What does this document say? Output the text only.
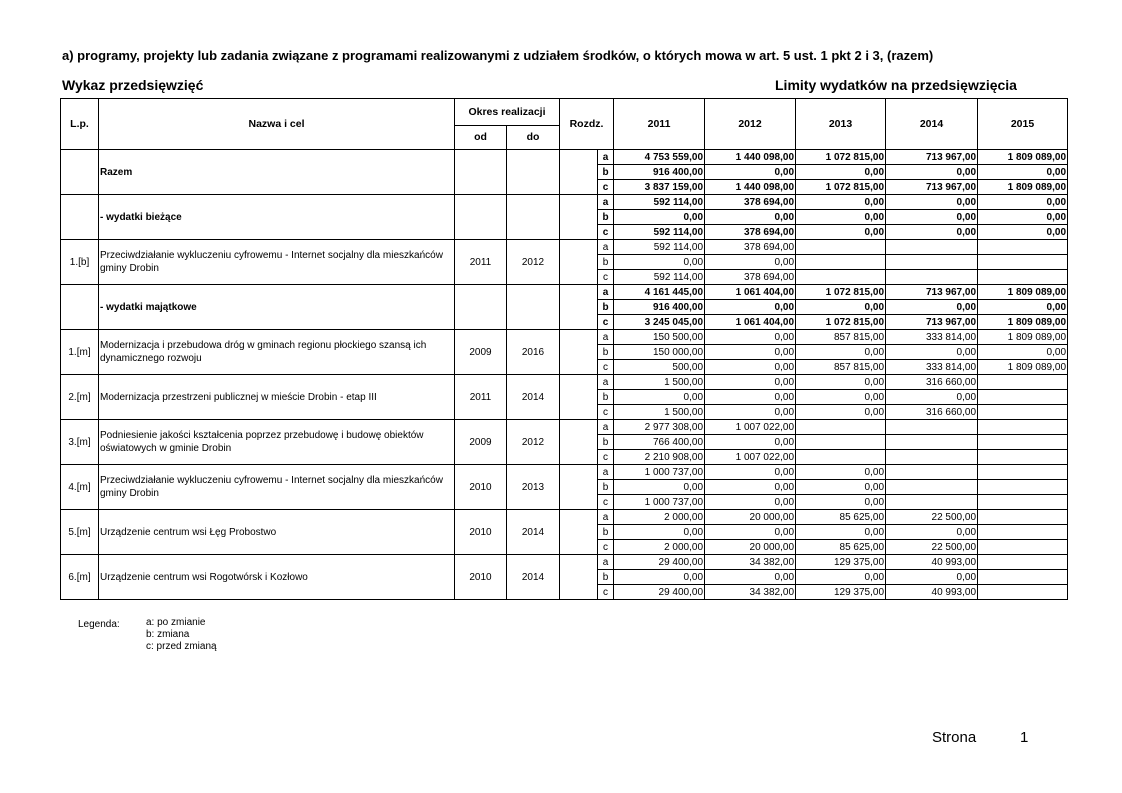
a) programy, projekty lub zadania związane z programami realizowanymi z udziałem środków, o których mowa w art. 5 ust. 1 pkt 2 i 3, (razem)
Wykaz przedsięwzięć	Limity wydatków na przedsięwzięcia
L.p.	Nazwa i cel	Okres realizacji		Rozdz.		2011	2012	2013	2014	2015
		od	do							
	Razem				a	4 753 559,00	1 440 098,00	1 072 815,00	713 967,00	1 809 089,00
					b	916 400,00	0,00	0,00	0,00	0,00
					c	3 837 159,00	1 440 098,00	1 072 815,00	713 967,00	1 809 089,00
	- wydatki bieżące				a	592 114,00	378 694,00	0,00	0,00	0,00
					b	0,00	0,00	0,00	0,00	0,00
					c	592 114,00	378 694,00	0,00	0,00	0,00
1.[b]	Przeciwdziałanie wykluczeniu cyfrowemu - Internet socjalny dla mieszkańców gminy Drobin	2011	2012		a	592 114,00	378 694,00			
					b	0,00	0,00			
					c	592 114,00	378 694,00			
	- wydatki majątkowe				a	4 161 445,00	1 061 404,00	1 072 815,00	713 967,00	1 809 089,00
					b	916 400,00	0,00	0,00	0,00	0,00
					c	3 245 045,00	1 061 404,00	1 072 815,00	713 967,00	1 809 089,00
1.[m]	Modernizacja i przebudowa dróg w gminach regionu płockiego szansą ich dynamicznego rozwoju	2009	2016		a	150 500,00	0,00	857 815,00	333 814,00	1 809 089,00
					b	150 000,00	0,00	0,00	0,00	0,00
					c	500,00	0,00	857 815,00	333 814,00	1 809 089,00
2.[m]	Modernizacja przestrzeni publicznej w mieście Drobin - etap III	2011	2014		a	1 500,00	0,00	0,00	316 660,00	
					b	0,00	0,00	0,00	0,00	
					c	1 500,00	0,00	0,00	316 660,00	
3.[m]	Podniesienie jakości kształcenia poprzez przebudowę i budowę obiektów oświatowych w gminie Drobin	2009	2012		a	2 977 308,00	1 007 022,00			
					b	766 400,00	0,00			
					c	2 210 908,00	1 007 022,00			
4.[m]	Przeciwdziałanie wykluczeniu cyfrowemu - Internet socjalny dla mieszkańców gminy Drobin	2010	2013		a	1 000 737,00	0,00	0,00		
					b	0,00	0,00	0,00		
					c	1 000 737,00	0,00	0,00		
5.[m]	Urządzenie centrum wsi Łęg Probostwo	2010	2014		a	2 000,00	20 000,00	85 625,00	22 500,00	
					b	0,00	0,00	0,00	0,00	
					c	2 000,00	20 000,00	85 625,00	22 500,00	
6.[m]	Urządzenie centrum wsi Rogotwórsk i Kozłowo	2010	2014		a	29 400,00	34 382,00	129 375,00	40 993,00	
					b	0,00	0,00	0,00	0,00	
					c	29 400,00	34 382,00	129 375,00	40 993,00	
Legenda:	a: po zmianie
b: zmiana
c: przed zmianą
Strona	1
